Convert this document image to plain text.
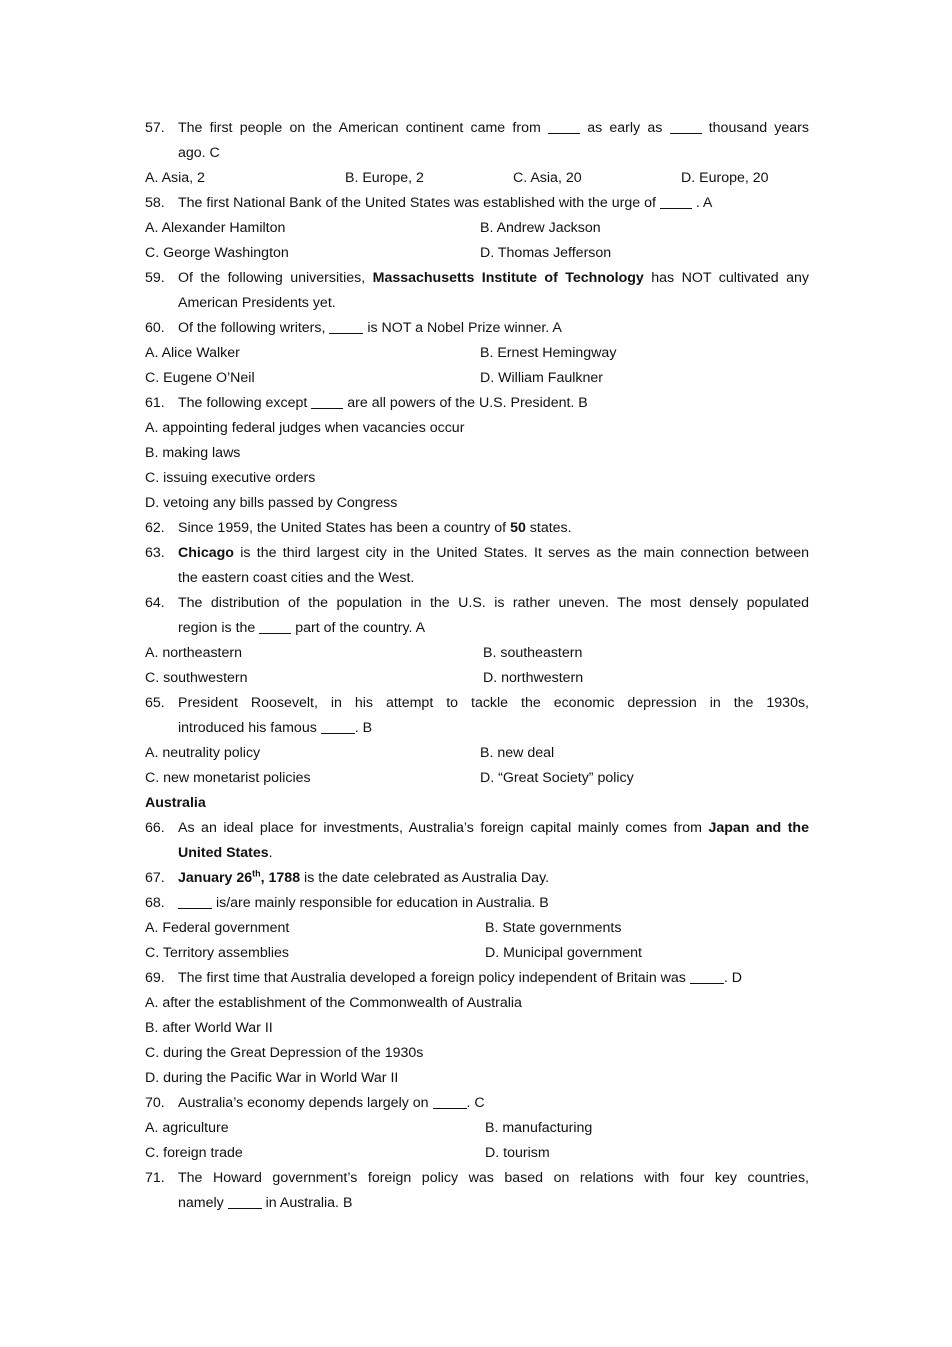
57. The first people on the American continent came from	as early as	thousand years
ago. C
A. Asia, 2	B. Europe, 2	C. Asia, 20	D. Europe, 20
58. The first National Bank of the United States was established with the urge of	. A
A. Alexander Hamilton	B. Andrew Jackson
C. George Washington	D. Thomas Jefferson
59. Of the following universities, Massachusetts Institute of Technology has NOT cultivated any
American Presidents yet.
60. Of the following writers,	is NOT a Nobel Prize winner. A
A. Alice Walker	B. Ernest Hemingway
C. Eugene O’Neil	D. William Faulkner
61. The following except	are all powers of the U.S. President. B
A. appointing federal judges when vacancies occur
B. making laws
C. issuing executive orders
D. vetoing any bills passed by Congress
62. Since 1959, the United States has been a country of 50 states.
63. Chicago is the third largest city in the United States. It serves as the main connection between
the eastern coast cities and the West.
64. The distribution of the population in the U.S. is rather uneven. The most densely populated
region is the	part of the country. A
A. northeastern	B. southeastern
C. southwestern	D. northwestern
65. President Roosevelt, in his attempt to tackle the economic depression in the 1930s,
introduced his famous	. B
A. neutrality policy	B. new deal
C. new monetarist policies	D. “Great Society” policy
Australia
66. As an ideal place for investments, Australia’s foreign capital mainly comes from Japan and the
United States.
67. January 26th, 1788 is the date celebrated as Australia Day.
68.	is/are mainly responsible for education in Australia. B
A. Federal government	B. State governments
C. Territory assemblies	D. Municipal government
69. The first time that Australia developed a foreign policy independent of Britain was	. D
A. after the establishment of the Commonwealth of Australia
B. after World War II
C. during the Great Depression of the 1930s
D. during the Pacific War in World War II
70. Australia’s economy depends largely on	. C
A. agriculture	B. manufacturing
C. foreign trade	D. tourism
71. The Howard government’s foreign policy was based on relations with four key countries,
namely	in Australia. B
